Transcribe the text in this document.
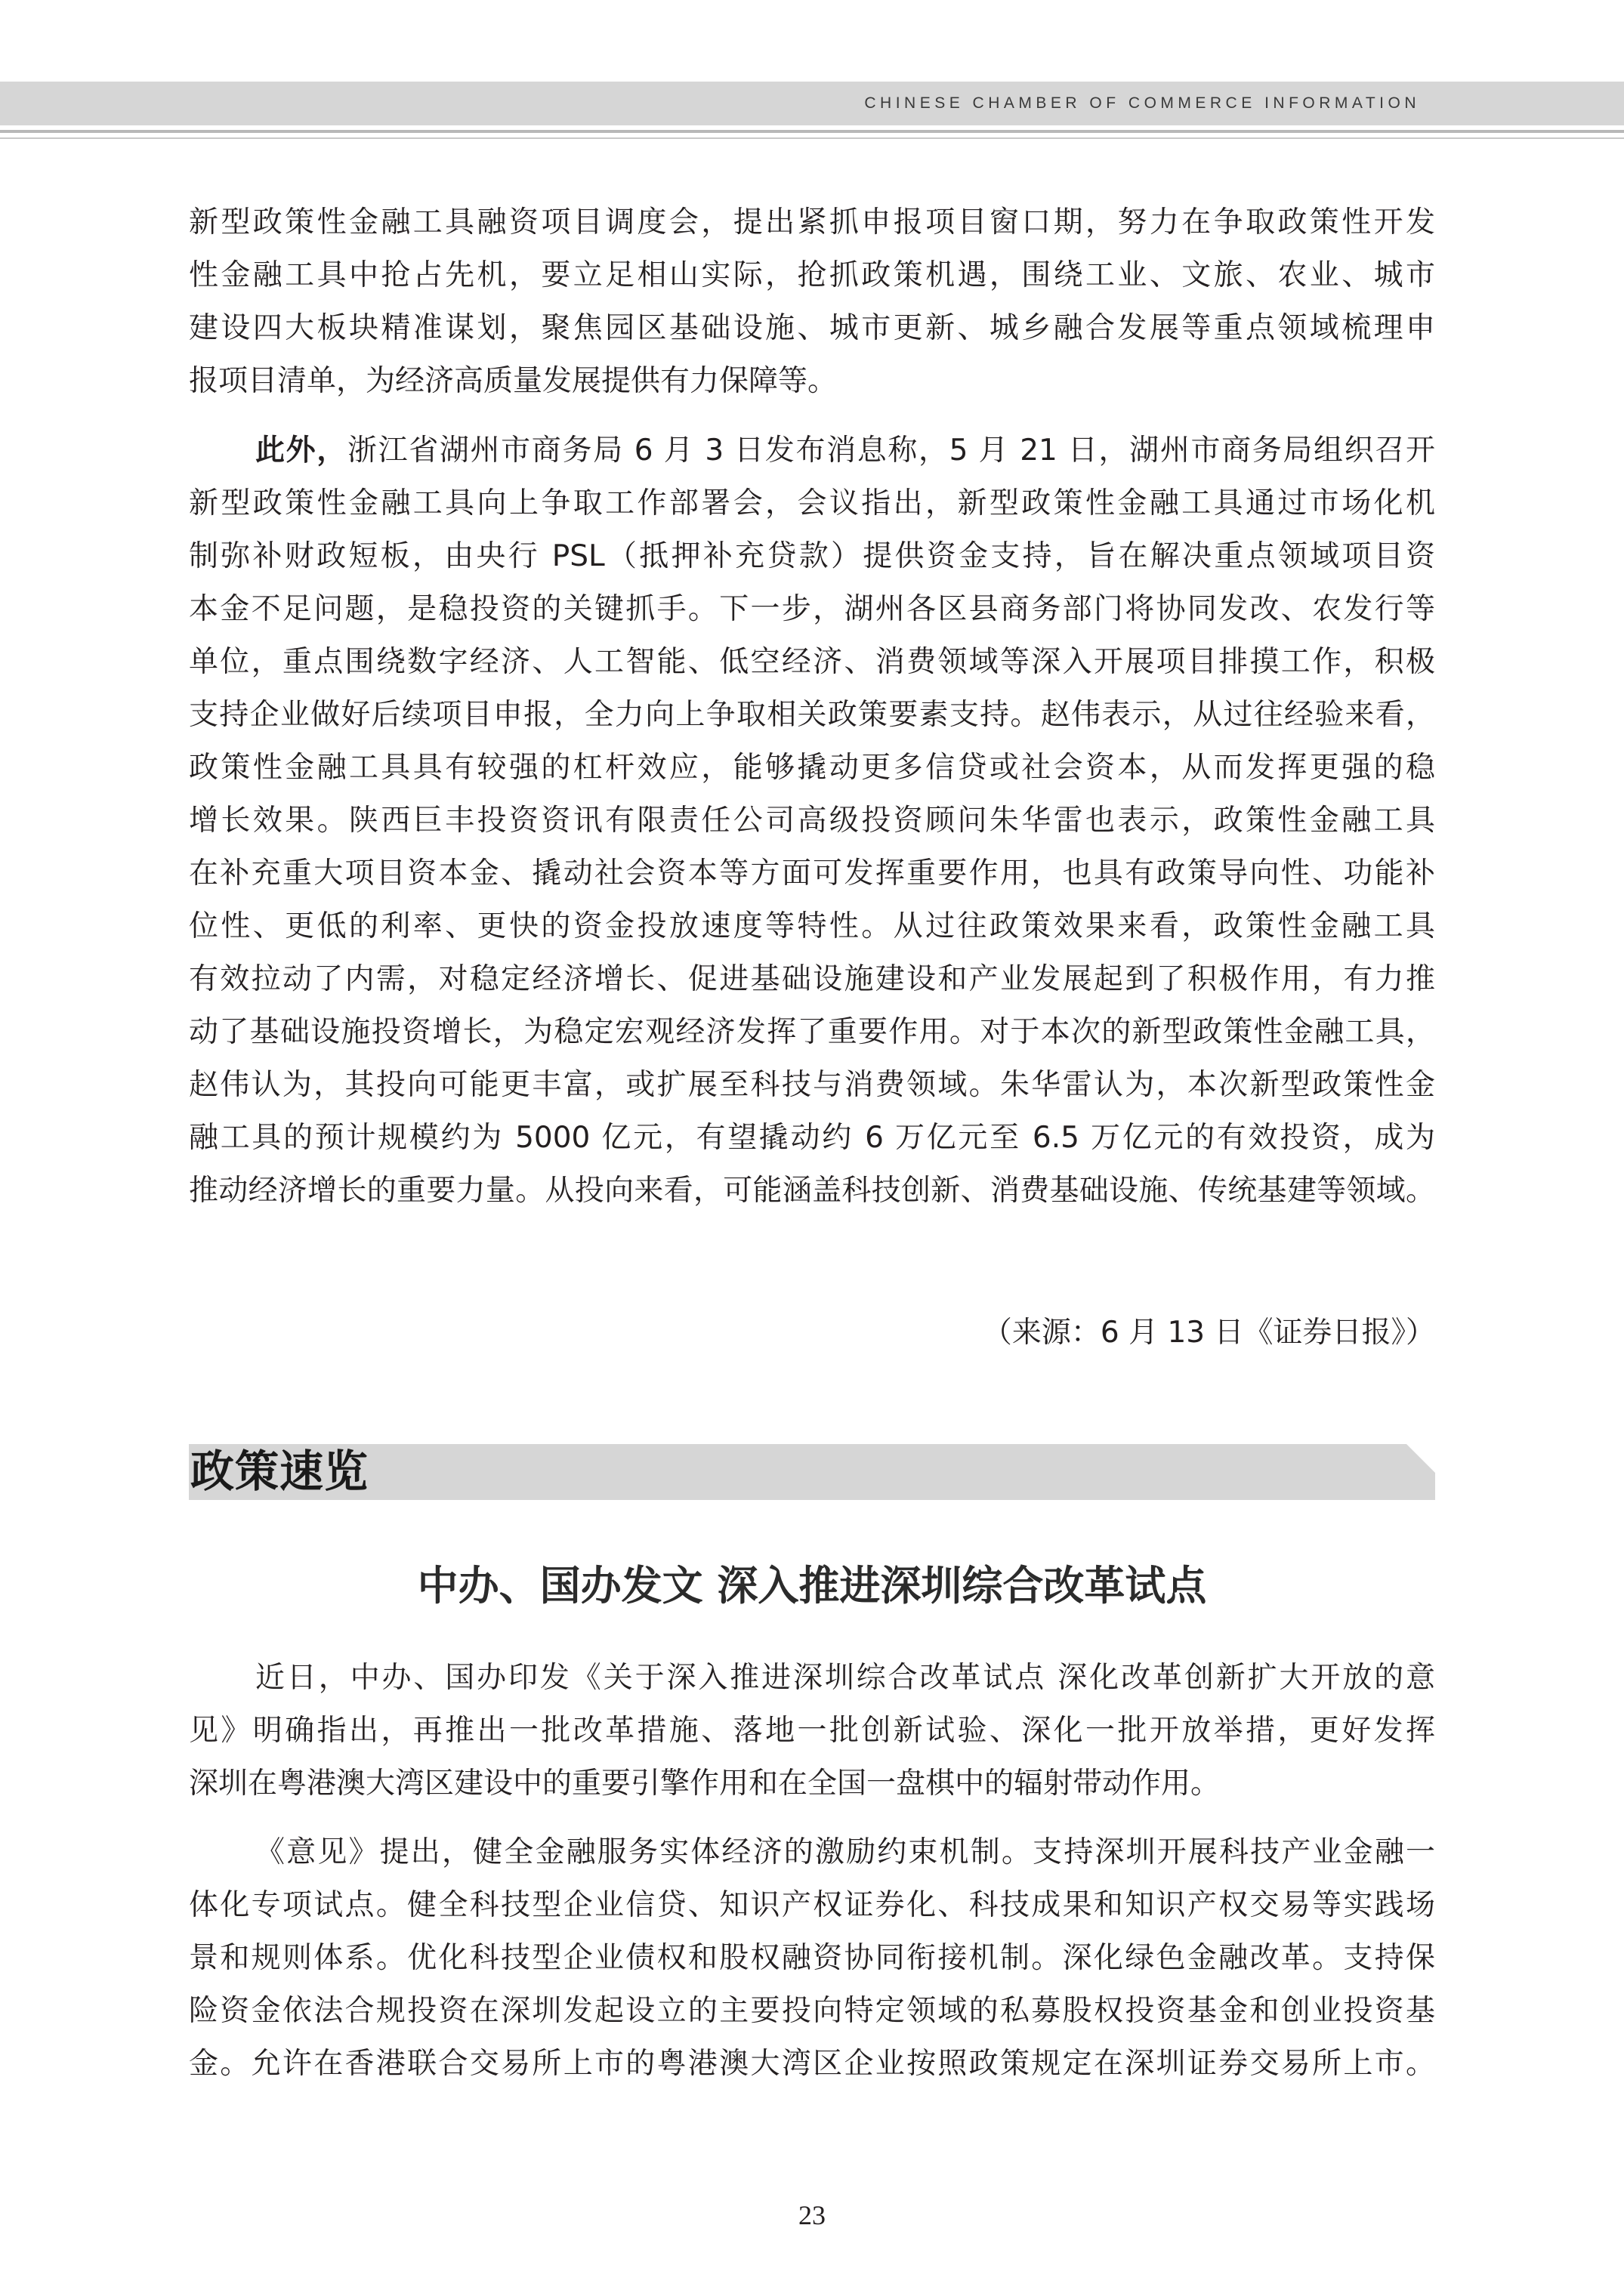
CHINESE CHAMBER OF COMMERCE INFORMATION
新型政策性金融工具融资项目调度会，提出紧抓申报项目窗口期，努力在争取政策性开发
性金融工具中抢占先机，要立足相山实际，抢抓政策机遇，围绕工业、文旅、农业、城市
建设四大板块精准谋划，聚焦园区基础设施、城市更新、城乡融合发展等重点领域梳理申
报项目清单，为经济高质量发展提供有力保障等。
此外，浙江省湖州市商务局 6 月 3 日发布消息称，5 月 21 日，湖州市商务局组织召开
新型政策性金融工具向上争取工作部署会，会议指出，新型政策性金融工具通过市场化机
制弥补财政短板，由央行 PSL（抵押补充贷款）提供资金支持，旨在解决重点领域项目资
本金不足问题，是稳投资的关键抓手。下一步，湖州各区县商务部门将协同发改、农发行等
单位，重点围绕数字经济、人工智能、低空经济、消费领域等深入开展项目排摸工作，积极
支持企业做好后续项目申报，全力向上争取相关政策要素支持。赵伟表示，从过往经验来看，
政策性金融工具具有较强的杠杆效应，能够撬动更多信贷或社会资本，从而发挥更强的稳
增长效果。陕西巨丰投资资讯有限责任公司高级投资顾问朱华雷也表示，政策性金融工具
在补充重大项目资本金、撬动社会资本等方面可发挥重要作用，也具有政策导向性、功能补
位性、更低的利率、更快的资金投放速度等特性。从过往政策效果来看，政策性金融工具
有效拉动了内需，对稳定经济增长、促进基础设施建设和产业发展起到了积极作用，有力推
动了基础设施投资增长，为稳定宏观经济发挥了重要作用。对于本次的新型政策性金融工具，
赵伟认为，其投向可能更丰富，或扩展至科技与消费领域。朱华雷认为，本次新型政策性金
融工具的预计规模约为 5000 亿元，有望撬动约 6 万亿元至 6.5 万亿元的有效投资，成为
推动经济增长的重要力量。从投向来看，可能涵盖科技创新、消费基础设施、传统基建等领域。
（来源：6 月 13 日《证券日报》）
政策速览
中办、国办发文 深入推进深圳综合改革试点
近日，中办、国办印发《关于深入推进深圳综合改革试点 深化改革创新扩大开放的意
见》明确指出，再推出一批改革措施、落地一批创新试验、深化一批开放举措，更好发挥
深圳在粤港澳大湾区建设中的重要引擎作用和在全国一盘棋中的辐射带动作用。
《意见》提出，健全金融服务实体经济的激励约束机制。支持深圳开展科技产业金融一
体化专项试点。健全科技型企业信贷、知识产权证券化、科技成果和知识产权交易等实践场
景和规则体系。优化科技型企业债权和股权融资协同衔接机制。深化绿色金融改革。支持保
险资金依法合规投资在深圳发起设立的主要投向特定领域的私募股权投资基金和创业投资基
金。允许在香港联合交易所上市的粤港澳大湾区企业按照政策规定在深圳证券交易所上市。
23
